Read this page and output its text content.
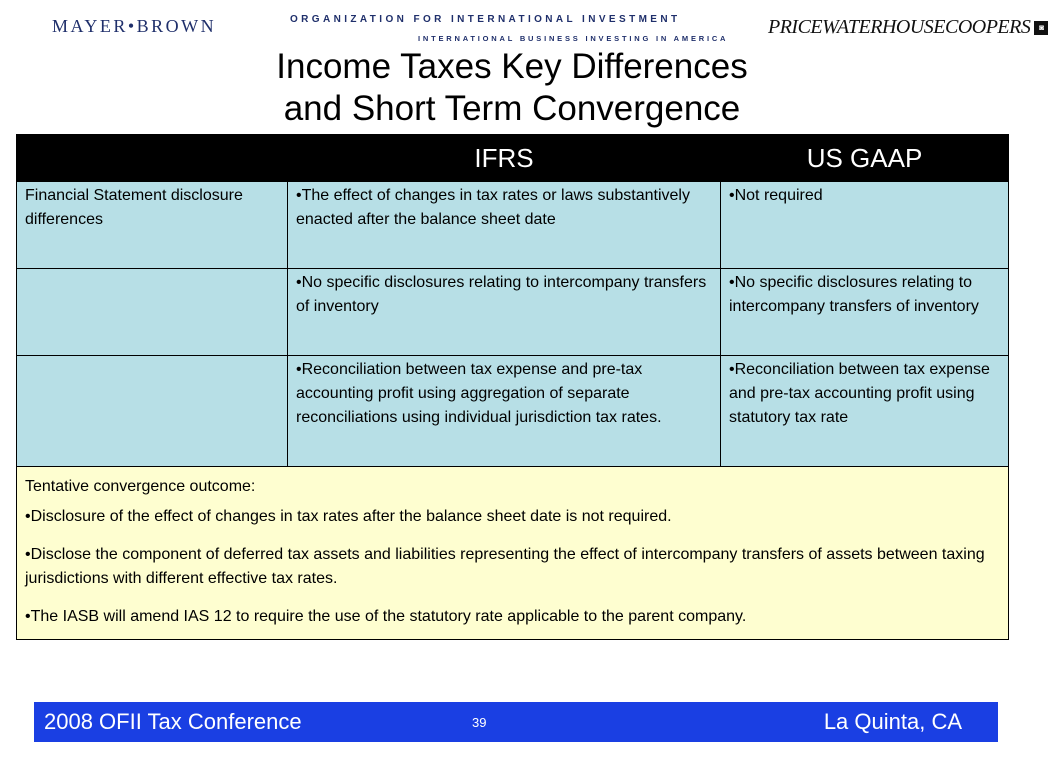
MAYER•BROWN	ORGANIZATION FOR INTERNATIONAL INVESTMENT
INTERNATIONAL BUSINESS INVESTING IN AMERICA
PRICEWATERHOUSECOOPERS ◙
Income Taxes Key Differences
and Short Term Convergence
	IFRS	US GAAP
Financial Statement disclosure differences	•The effect of changes in tax rates or laws substantively enacted after the balance sheet date	•Not required
	•No specific disclosures relating to intercompany transfers of inventory	•No specific disclosures relating to intercompany transfers of inventory
	•Reconciliation between tax expense and pre-tax accounting profit using aggregation of separate reconciliations using individual jurisdiction tax rates.	•Reconciliation between tax expense and pre-tax accounting profit using statutory tax rate

Tentative convergence outcome:

•Disclosure of the effect of changes in tax rates after the balance sheet date is not required.

•Disclose the component of deferred tax assets and liabilities representing the effect of intercompany transfers of assets between taxing jurisdictions with different effective tax rates.

•The IASB will amend IAS 12 to require the use of the statutory rate applicable to the parent company.		

2008 OFII Tax Conference	39	La Quinta, CA
